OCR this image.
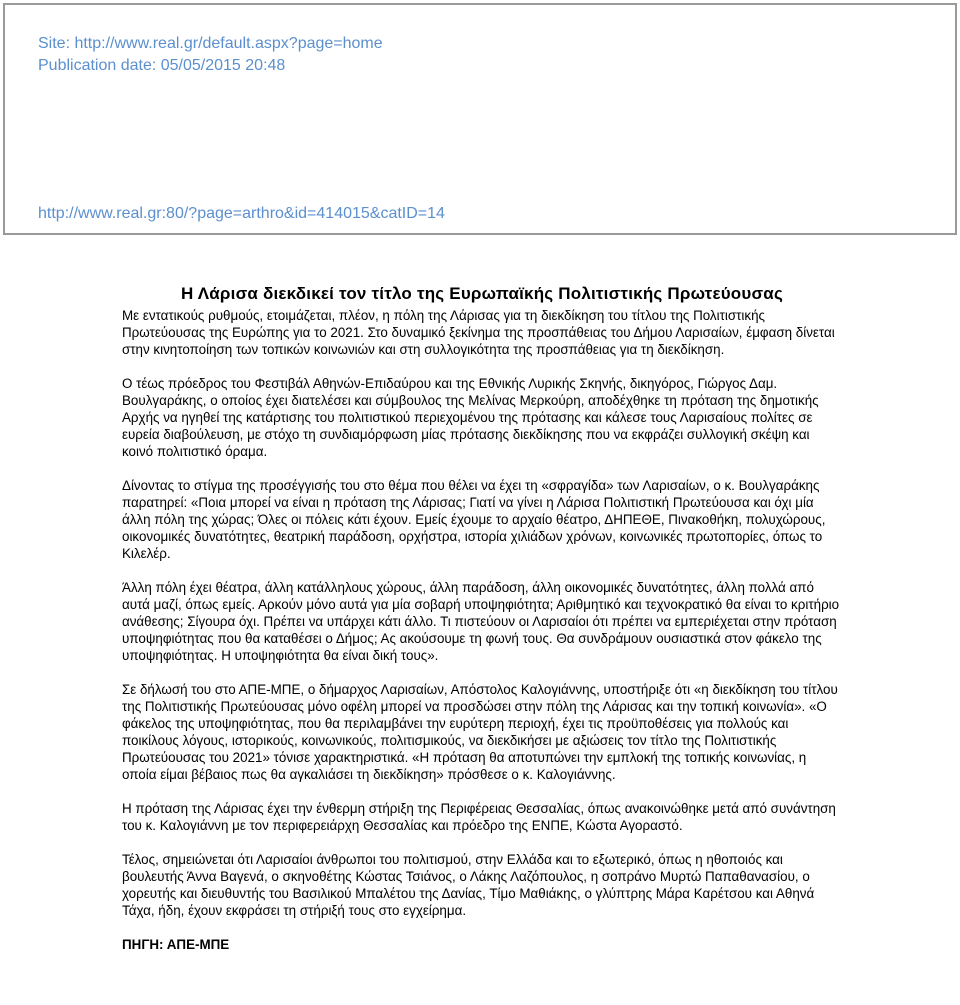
Site: http://www.real.gr/default.aspx?page=home
Publication date: 05/05/2015 20:48
http://www.real.gr:80/?page=arthro&id=414015&catID=14
Η Λάρισα διεκδικεί τον τίτλο της Ευρωπαϊκής Πολιτιστικής Πρωτεύουσας

Με εντατικούς ρυθμούς, ετοιμάζεται, πλέον, η πόλη της Λάρισας για τη διεκδίκηση του τίτλου της Πολιτιστικής Πρωτεύουσας της Ευρώπης για το 2021. Στο δυναμικό ξεκίνημα της προσπάθειας του Δήμου Λαρισαίων, έμφαση δίνεται στην κινητοποίηση των τοπικών κοινωνιών και στη συλλογικότητα της προσπάθειας για τη διεκδίκηση.

Ο τέως πρόεδρος του Φεστιβάλ Αθηνών-Επιδαύρου και της Εθνικής Λυρικής Σκηνής, δικηγόρος, Γιώργος Δαμ. Βουλγαράκης, ο οποίος έχει διατελέσει και σύμβουλος της Μελίνας Μερκούρη, αποδέχθηκε τη πρόταση της δημοτικής Αρχής να ηγηθεί της κατάρτισης του πολιτιστικού περιεχομένου της πρότασης και κάλεσε τους Λαρισαίους πολίτες σε ευρεία διαβούλευση, με στόχο τη συνδιαμόρφωση μίας πρότασης διεκδίκησης που να εκφράζει συλλογική σκέψη και κοινό πολιτιστικό όραμα.

Δίνοντας το στίγμα της προσέγγισής του στο θέμα που θέλει να έχει τη «σφραγίδα» των Λαρισαίων, ο κ. Βουλγαράκης παρατηρεί: «Ποια μπορεί να είναι η πρόταση της Λάρισας; Γιατί να γίνει η Λάρισα Πολιτιστική Πρωτεύουσα και όχι μία άλλη πόλη της χώρας; Όλες οι πόλεις κάτι έχουν. Εμείς έχουμε το αρχαίο θέατρο, ΔΗΠΕΘΕ, Πινακοθήκη, πολυχώρους, οικονομικές δυνατότητες, θεατρική παράδοση, ορχήστρα, ιστορία χιλιάδων χρόνων, κοινωνικές πρωτοπορίες, όπως το Κιλελέρ.

Άλλη πόλη έχει θέατρα, άλλη κατάλληλους χώρους, άλλη παράδοση, άλλη οικονομικές δυνατότητες, άλλη πολλά από αυτά μαζί, όπως εμείς. Αρκούν μόνο αυτά για μία σοβαρή υποψηφιότητα; Αριθμητικό και τεχνοκρατικό θα είναι το κριτήριο ανάθεσης; Σίγουρα όχι. Πρέπει να υπάρχει κάτι άλλο. Τι πιστεύουν οι Λαρισαίοι ότι πρέπει να εμπεριέχεται στην πρόταση υποψηφιότητας που θα καταθέσει ο Δήμος; Ας ακούσουμε τη φωνή τους. Θα συνδράμουν ουσιαστικά στον φάκελο της υποψηφιότητας. Η υποψηφιότητα θα είναι δική τους».

Σε δήλωσή του στο ΑΠΕ-ΜΠΕ, ο δήμαρχος Λαρισαίων, Απόστολος Καλογιάννης, υποστήριξε ότι «η διεκδίκηση του τίτλου της Πολιτιστικής Πρωτεύουσας μόνο οφέλη μπορεί να προσδώσει στην πόλη της Λάρισας και την τοπική κοινωνία». «Ο φάκελος της υποψηφιότητας, που θα περιλαμβάνει την ευρύτερη περιοχή, έχει τις προϋποθέσεις για πολλούς και ποικίλους λόγους, ιστορικούς, κοινωνικούς, πολιτισμικούς, να διεκδικήσει με αξιώσεις τον τίτλο της Πολιτιστικής Πρωτεύουσας του 2021» τόνισε χαρακτηριστικά. «Η πρόταση θα αποτυπώνει την εμπλοκή της τοπικής κοινωνίας, η οποία είμαι βέβαιος πως θα αγκαλιάσει τη διεκδίκηση» πρόσθεσε ο κ. Καλογιάννης.

Η πρόταση της Λάρισας έχει την ένθερμη στήριξη της Περιφέρειας Θεσσαλίας, όπως ανακοινώθηκε μετά από συνάντηση του κ. Καλογιάννη με τον περιφερειάρχη Θεσσαλίας και πρόεδρο της ΕΝΠΕ, Κώστα Αγοραστό.

Τέλος, σημειώνεται ότι Λαρισαίοι άνθρωποι του πολιτισμού, στην Ελλάδα και το εξωτερικό, όπως η ηθοποιός και βουλευτής Άννα Βαγενά, ο σκηνοθέτης Κώστας Τσιάνος, ο Λάκης Λαζόπουλος, η σοπράνο Μυρτώ Παπαθανασίου, ο χορευτής και διευθυντής του Βασιλικού Μπαλέτου της Δανίας, Τίμο Μαθιάκης, ο γλύπτρης Μάρα Καρέτσου και Αθηνά Τάχα, ήδη, έχουν εκφράσει τη στήριξή τους στο εγχείρημα.

ΠΗΓΗ: ΑΠΕ-ΜΠΕ
